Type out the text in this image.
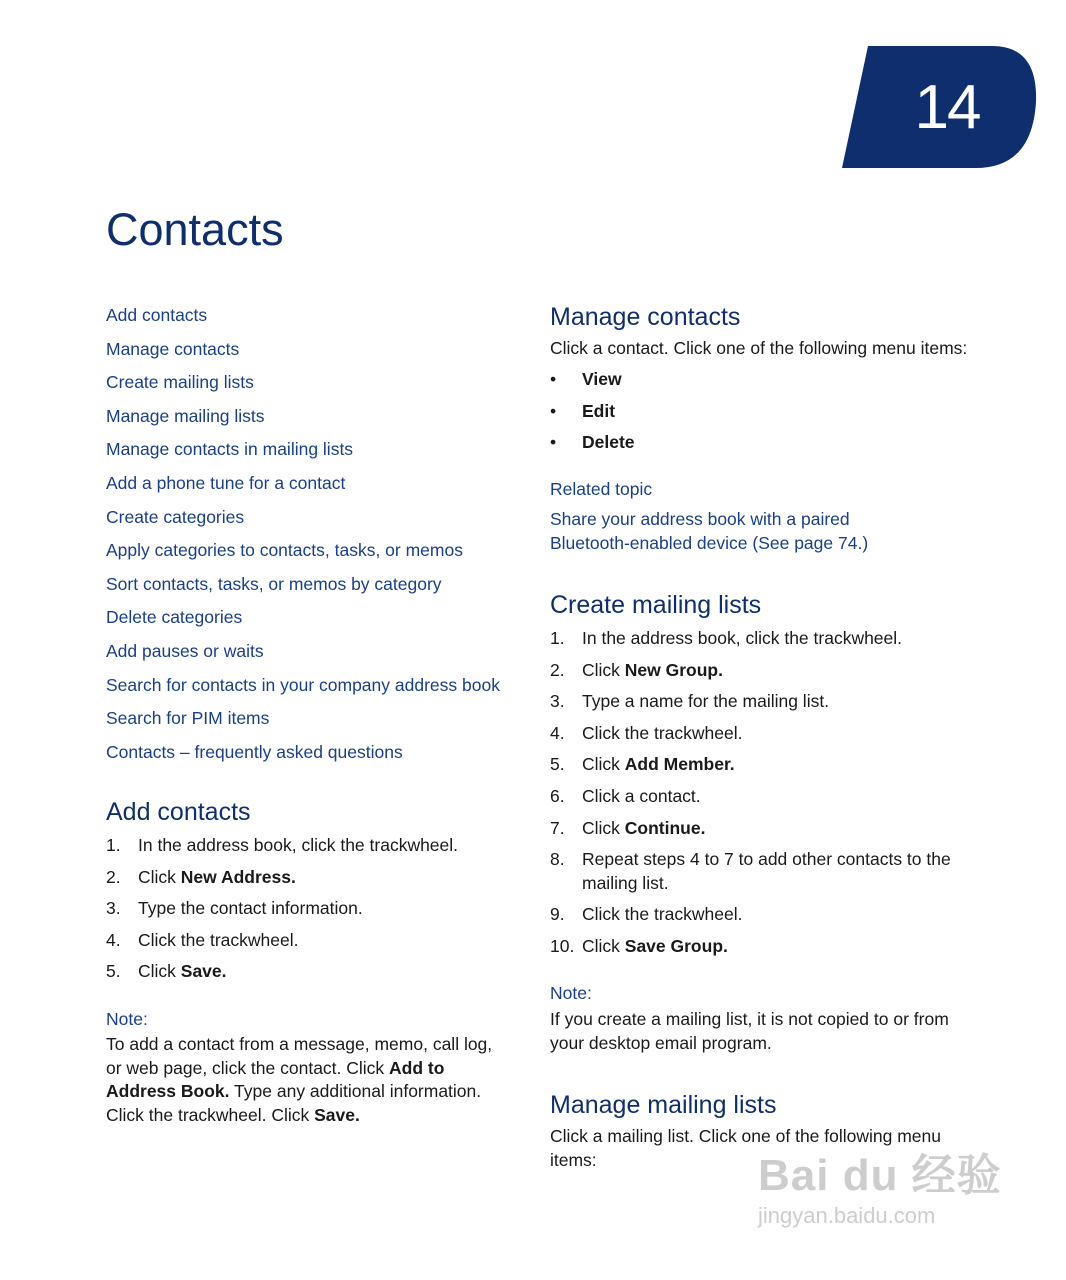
14
Contacts
Add contacts
Manage contacts
Create mailing lists
Manage mailing lists
Manage contacts in mailing lists
Add a phone tune for a contact
Create categories
Apply categories to contacts, tasks, or memos
Sort contacts, tasks, or memos by category
Delete categories
Add pauses or waits
Search for contacts in your company address book
Search for PIM items
Contacts – frequently asked questions
Add contacts
1. In the address book, click the trackwheel.
2. Click New Address.
3. Type the contact information.
4. Click the trackwheel.
5. Click Save.
Note:

To add a contact from a message, memo, call log, or web page, click the contact. Click Add to Address Book. Type any additional information. Click the trackwheel. Click Save.

Manage contacts

Click a contact. Click one of the following menu items:

• View
• Edit
• Delete
Related topic

Share your address book with a paired Bluetooth-enabled device (See page 74.)

Create mailing lists
1. In the address book, click the trackwheel.
2. Click New Group.
3. Type a name for the mailing list.
4. Click the trackwheel.
5. Click Add Member.
6. Click a contact.
7. Click Continue.
8. Repeat steps 4 to 7 to add other contacts to the mailing list.
9. Click the trackwheel.
10. Click Save Group.
Note:

If you create a mailing list, it is not copied to or from your desktop email program.

Manage mailing lists

Click a mailing list. Click one of the following menu items:	Bai du 经验
jingyan.baidu.com
